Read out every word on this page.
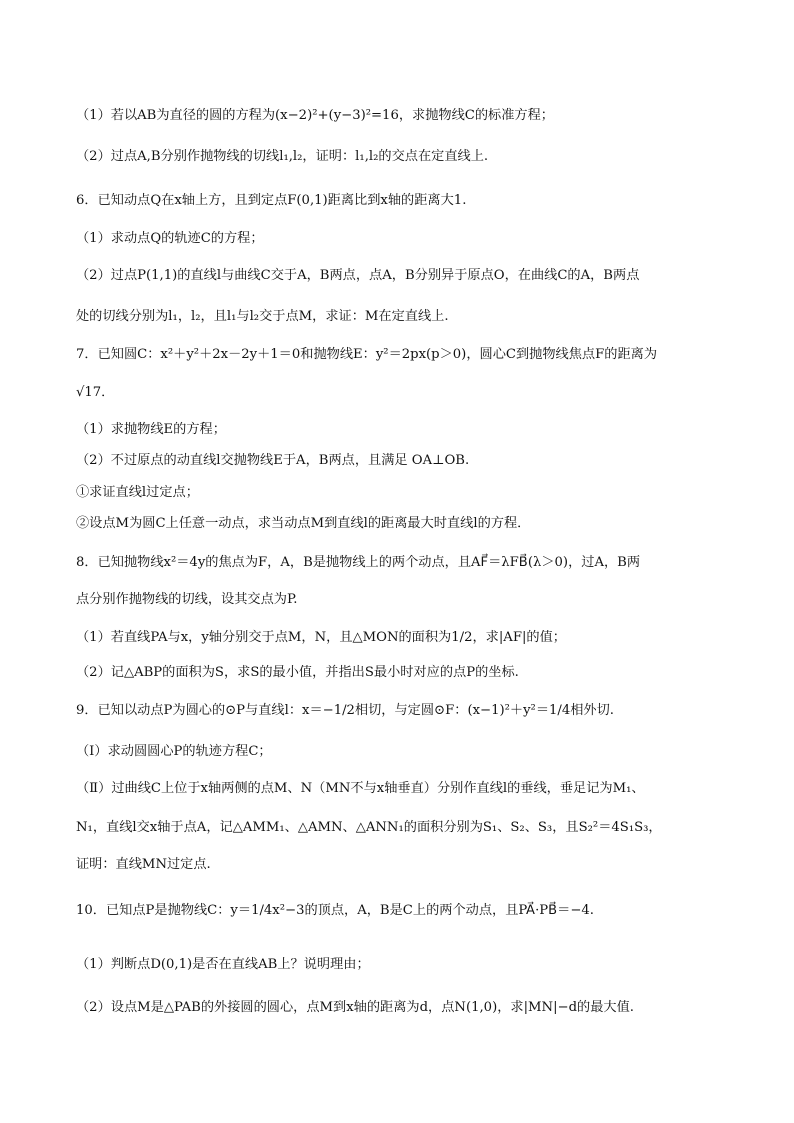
（1）若以AB为直径的圆的方程为(x−2)²+(y−3)²=16，求抛物线C的标准方程；
（2）过点A,B分别作抛物线的切线l₁,l₂，证明：l₁,l₂的交点在定直线上.
6．已知动点Q在x轴上方，且到定点F(0,1)距离比到x轴的距离大1.
（1）求动点Q的轨迹C的方程；
（2）过点P(1,1)的直线l与曲线C交于A，B两点，点A，B分别异于原点O，在曲线C的A，B两点
处的切线分别为l₁，l₂，且l₁与l₂交于点M，求证：M在定直线上.
7．已知圆C：x²＋y²＋2x－2y＋1＝0和抛物线E：y²＝2px(p＞0)，圆心C到抛物线焦点F的距离为
√17．
（1）求抛物线E的方程；
（2）不过原点的动直线l交抛物线E于A，B两点，且满足 OA⊥OB.
①求证直线l过定点；
②设点M为圆C上任意一动点，求当动点M到直线l的距离最大时直线l的方程．
8．已知抛物线x²＝4y的焦点为F，A，B是抛物线上的两个动点，且AF⃗＝λFB⃗(λ＞0)，过A，B两
点分别作抛物线的切线，设其交点为P.
（1）若直线PA与x，y轴分别交于点M，N，且△MON的面积为1/2，求|AF|的值；
（2）记△ABP的面积为S，求S的最小值，并指出S最小时对应的点P的坐标.
9．已知以动点P为圆心的⊙P与直线l：x＝−1/2相切，与定圆⊙F：(x−1)²＋y²＝1/4相外切.
（Ⅰ）求动圆圆心P的轨迹方程C；
（Ⅱ）过曲线C上位于x轴两侧的点M、N（MN不与x轴垂直）分别作直线l的垂线，垂足记为M₁、
N₁，直线l交x轴于点A，记△AMM₁、△AMN、△ANN₁的面积分别为S₁、S₂、S₃，且S₂²＝4S₁S₃，
证明：直线MN过定点.
10．已知点P是抛物线C：y＝1/4x²−3的顶点，A，B是C上的两个动点，且PA⃗·PB⃗＝−4.
（1）判断点D(0,1)是否在直线AB上？说明理由；
（2）设点M是△PAB的外接圆的圆心，点M到x轴的距离为d，点N(1,0)，求|MN|−d的最大值.
